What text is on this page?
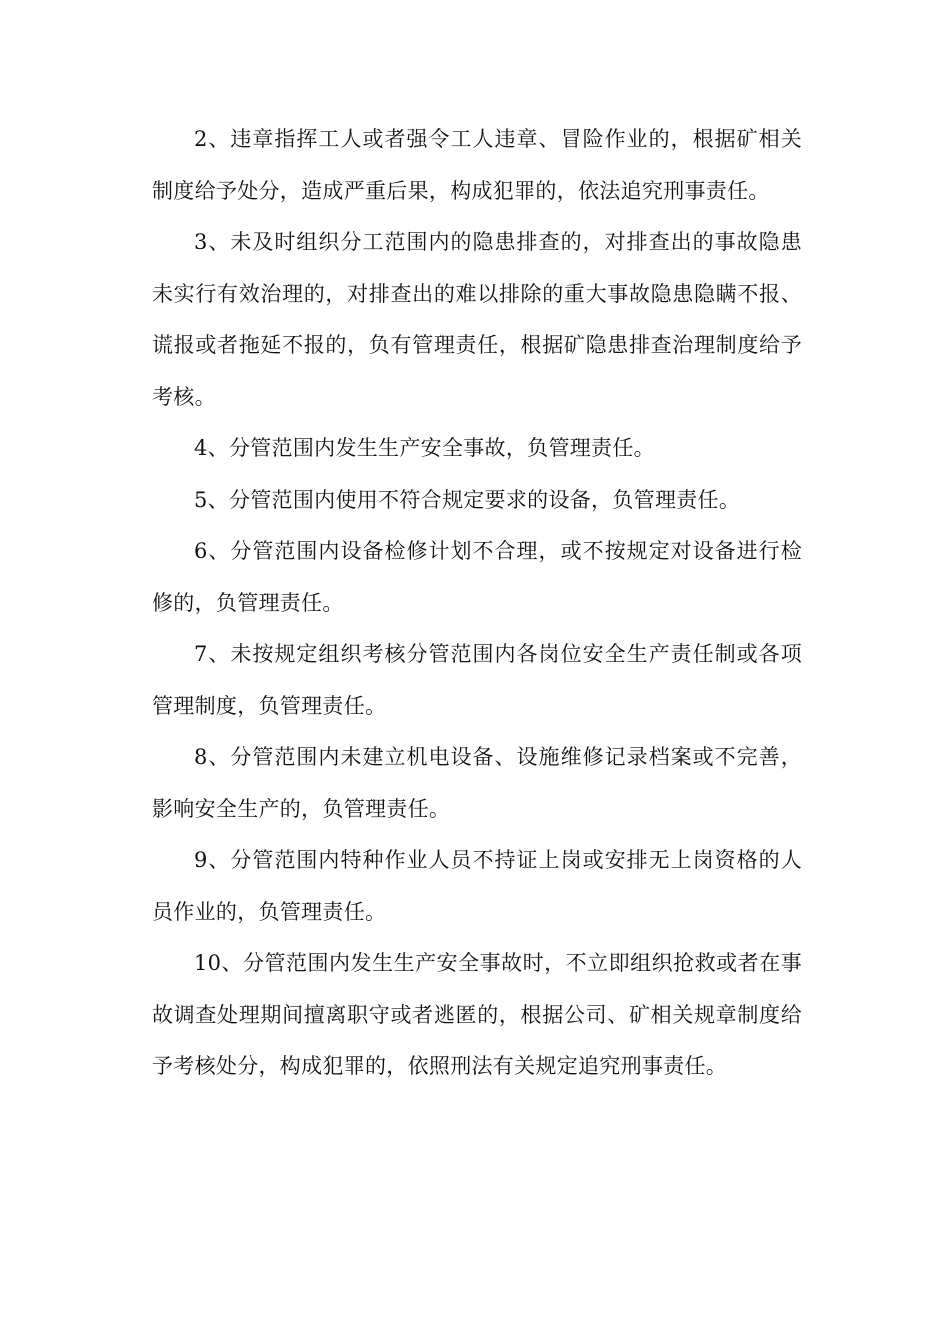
2、违章指挥工人或者强令工人违章、冒险作业的，根据矿相关制度给予处分，造成严重后果，构成犯罪的，依法追究刑事责任。

3、未及时组织分工范围内的隐患排查的，对排查出的事故隐患未实行有效治理的，对排查出的难以排除的重大事故隐患隐瞒不报、谎报或者拖延不报的，负有管理责任，根据矿隐患排查治理制度给予考核。

4、分管范围内发生生产安全事故，负管理责任。

5、分管范围内使用不符合规定要求的设备，负管理责任。

6、分管范围内设备检修计划不合理，或不按规定对设备进行检修的，负管理责任。

7、未按规定组织考核分管范围内各岗位安全生产责任制或各项管理制度，负管理责任。

8、分管范围内未建立机电设备、设施维修记录档案或不完善，影响安全生产的，负管理责任。

9、分管范围内特种作业人员不持证上岗或安排无上岗资格的人员作业的，负管理责任。

10、分管范围内发生生产安全事故时，不立即组织抢救或者在事故调查处理期间擅离职守或者逃匿的，根据公司、矿相关规章制度给予考核处分，构成犯罪的，依照刑法有关规定追究刑事责任。
